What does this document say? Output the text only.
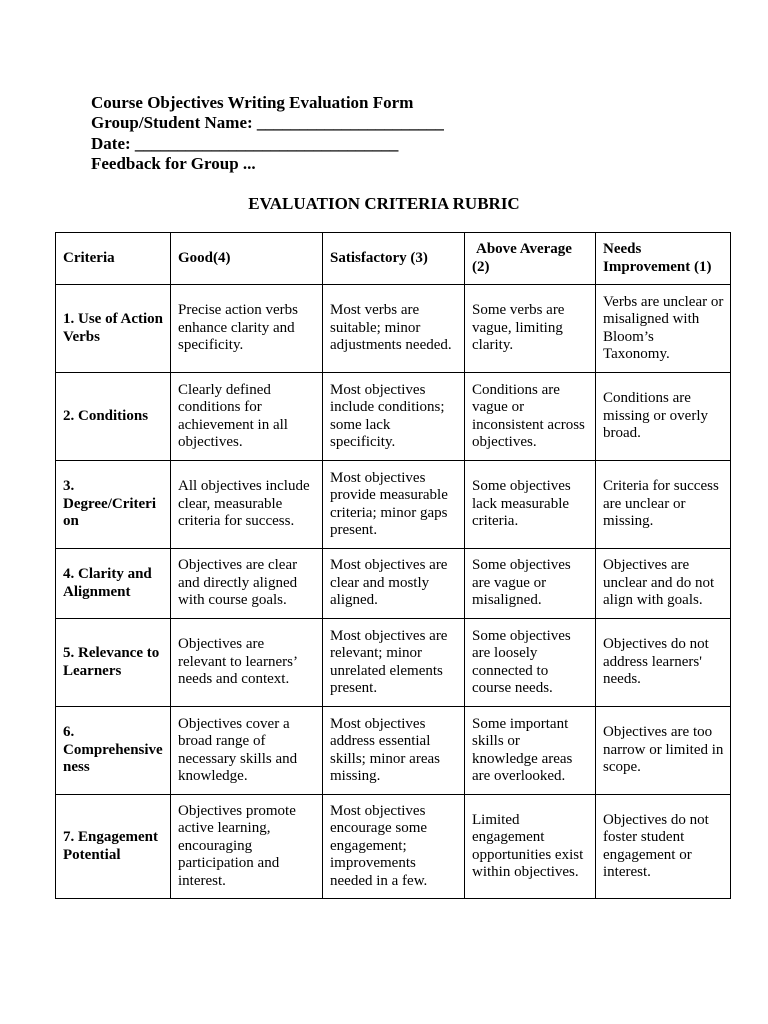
Course Objectives Writing Evaluation Form
Group/Student Name: ______________________
Date: _______________________________
Feedback for Group ...
EVALUATION CRITERIA RUBRIC
Criteria	Good(4)	Satisfactory (3)	Above Average (2)	Needs Improvement (1)
1. Use of Action Verbs	Precise action verbs enhance clarity and specificity.	Most verbs are suitable; minor adjustments needed.	Some verbs are vague, limiting clarity.	Verbs are unclear or misaligned with Bloom’s Taxonomy.
2. Conditions	Clearly defined conditions for achievement in all objectives.	Most objectives include conditions; some lack specificity.	Conditions are vague or inconsistent across objectives.	Conditions are missing or overly broad.
3. Degree/Criterion	All objectives include clear, measurable criteria for success.	Most objectives provide measurable criteria; minor gaps present.	Some objectives lack measurable criteria.	Criteria for success are unclear or missing.
4. Clarity and Alignment	Objectives are clear and directly aligned with course goals.	Most objectives are clear and mostly aligned.	Some objectives are vague or misaligned.	Objectives are unclear and do not align with goals.
5. Relevance to Learners	Objectives are relevant to learners’ needs and context.	Most objectives are relevant; minor unrelated elements present.	Some objectives are loosely connected to course needs.	Objectives do not address learners' needs.
6. Comprehensiveness	Objectives cover a broad range of necessary skills and knowledge.	Most objectives address essential skills; minor areas missing.	Some important skills or knowledge areas are overlooked.	Objectives are too narrow or limited in scope.
7. Engagement Potential	Objectives promote active learning, encouraging participation and interest.	Most objectives encourage some engagement; improvements needed in a few.	Limited engagement opportunities exist within objectives.	Objectives do not foster student engagement or interest.
